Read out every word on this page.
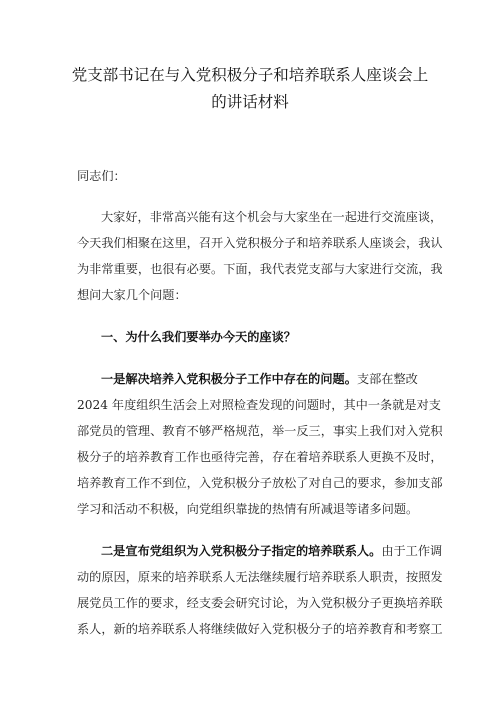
党支部书记在与入党积极分子和培养联系人座谈会上
的讲话材料
同志们：
大家好，非常高兴能有这个机会与大家坐在一起进行交流座谈，
今天我们相聚在这里，召开入党积极分子和培养联系人座谈会，我认
为非常重要，也很有必要。下面，我代表党支部与大家进行交流，我
想问大家几个问题：
一、为什么我们要举办今天的座谈？
一是解决培养入党积极分子工作中存在的问题。支部在整改
2024 年度组织生活会上对照检查发现的问题时，其中一条就是对支
部党员的管理、教育不够严格规范，举一反三，事实上我们对入党积
极分子的培养教育工作也亟待完善，存在着培养联系人更换不及时，
培养教育工作不到位，入党积极分子放松了对自己的要求，参加支部
学习和活动不积极，向党组织靠拢的热情有所减退等诸多问题。
二是宣布党组织为入党积极分子指定的培养联系人。由于工作调
动的原因，原来的培养联系人无法继续履行培养联系人职责，按照发
展党员工作的要求，经支委会研究讨论，为入党积极分子更换培养联
系人，新的培养联系人将继续做好入党积极分子的培养教育和考察工
